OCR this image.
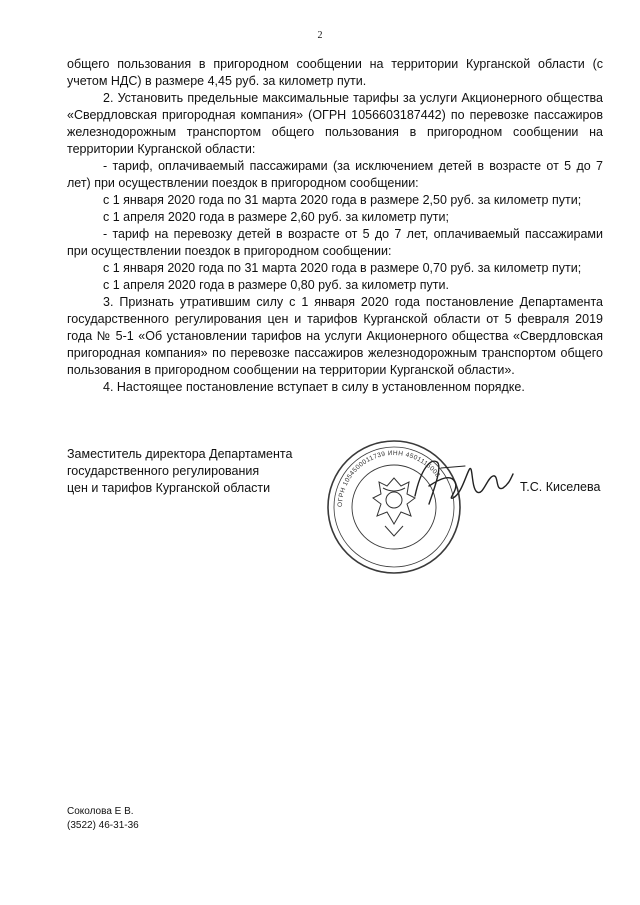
2

общего пользования в пригородном сообщении на территории Курганской области (с учетом НДС) в размере 4,45 руб. за километр пути.

2. Установить предельные максимальные тарифы за услуги Акционерного общества «Свердловская пригородная компания» (ОГРН 1056603187442) по перевозке пассажиров железнодорожным транспортом общего пользования в пригородном сообщении на территории Курганской области:

- тариф, оплачиваемый пассажирами (за исключением детей в возрасте от 5 до 7 лет) при осуществлении поездок в пригородном сообщении:

с 1 января 2020 года по 31 марта 2020 года в размере 2,50 руб. за километр пути;

с 1 апреля 2020 года в размере 2,60 руб. за километр пути;

- тариф на перевозку детей в возрасте от 5 до 7 лет, оплачиваемый пассажирами при осуществлении поездок в пригородном сообщении:

с 1 января 2020 года по 31 марта 2020 года в размере 0,70 руб. за километр пути;

с 1 апреля 2020 года в размере 0,80 руб. за километр пути.

3. Признать утратившим силу с 1 января 2020 года постановление Департамента государственного регулирования цен и тарифов Курганской области от 5 февраля 2019 года № 5-1 «Об установлении тарифов на услуги Акционерного общества «Свердловская пригородная компания» по перевозке пассажиров железнодорожным транспортом общего пользования в пригородном сообщении на территории Курганской области».

4. Настоящее постановление вступает в силу в установленном порядке.

Заместитель директора Департамента
государственного регулирования
цен и тарифов Курганской области
ОГРН 1054500011739 ИНН 4501115008
Т.С. Киселева
Соколова Е В.
(3522) 46-31-36
